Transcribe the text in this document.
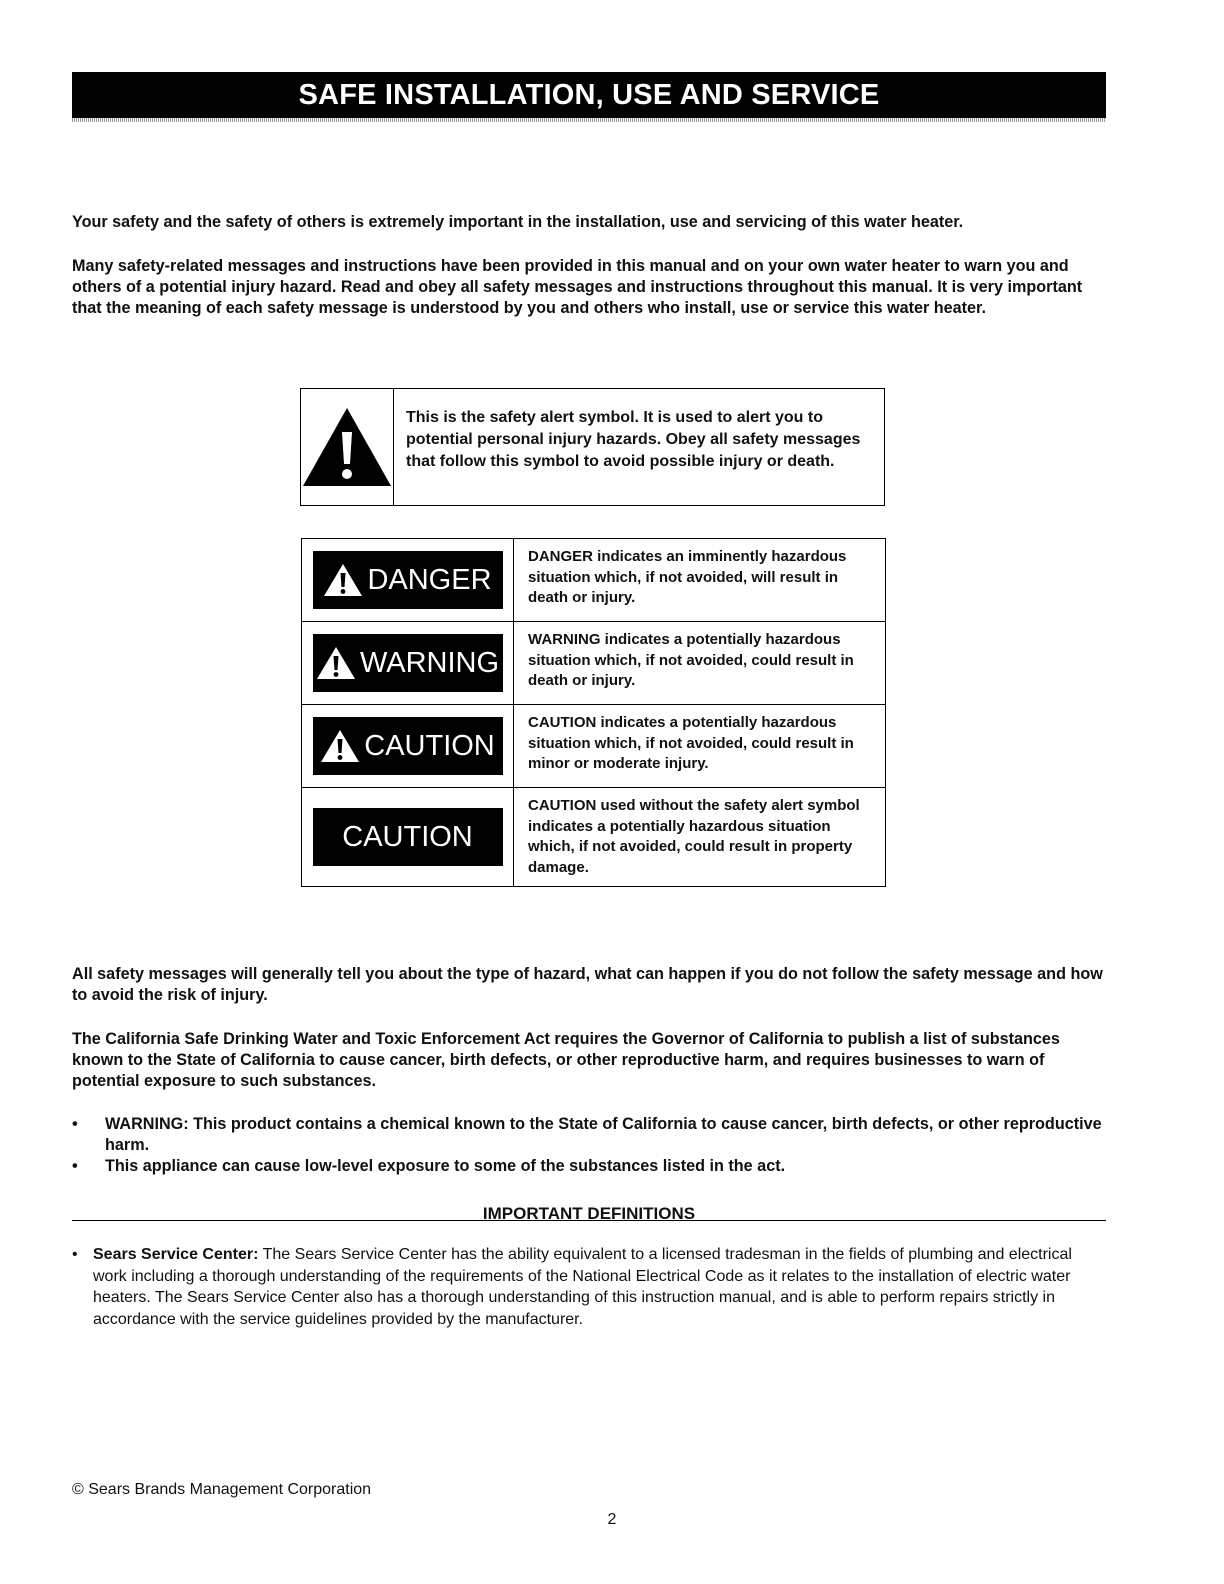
SAFE INSTALLATION, USE AND SERVICE

Your safety and the safety of others is extremely important in the installation, use and servicing of this water heater.

Many safety-related messages and instructions have been provided in this manual and on your own water heater to warn you and others of a potential injury hazard. Read and obey all safety messages and instructions throughout this manual. It is very important that the meaning of each safety message is understood by you and others who install, use or service this water heater.

This is the safety alert symbol. It is used to alert you to potential personal injury hazards. Obey all safety messages that follow this symbol to avoid possible injury or death.
DANGER
DANGER indicates an imminently hazardous situation which, if not avoided, will result in death or injury.
WARNING
WARNING indicates a potentially hazardous situation which, if not avoided, could result in death or injury.
CAUTION
CAUTION indicates a potentially hazardous situation which, if not avoided, could result in minor or moderate injury.
CAUTION
CAUTION used without the safety alert symbol indicates a potentially hazardous situation which, if not avoided, could result in property damage.

All safety messages will generally tell you about the type of hazard, what can happen if you do not follow the safety message and how to avoid the risk of injury.

The California Safe Drinking Water and Toxic Enforcement Act requires the Governor of California to publish a list of substances known to the State of California to cause cancer, birth defects, or other reproductive harm, and requires businesses to warn of potential exposure to such substances.

• WARNING: This product contains a chemical known to the State of California to cause cancer, birth defects, or other reproductive harm.
• This appliance can cause low-level exposure to some of the substances listed in the act.
IMPORTANT DEFINITIONS
• Sears Service Center: The Sears Service Center has the ability equivalent to a licensed tradesman in the fields of plumbing and electrical work including a thorough understanding of the requirements of the National Electrical Code as it relates to the installation of electric water heaters. The Sears Service Center also has a thorough understanding of this instruction manual, and is able to perform repairs strictly in accordance with the service guidelines provided by the manufacturer.
© Sears Brands Management Corporation
2
